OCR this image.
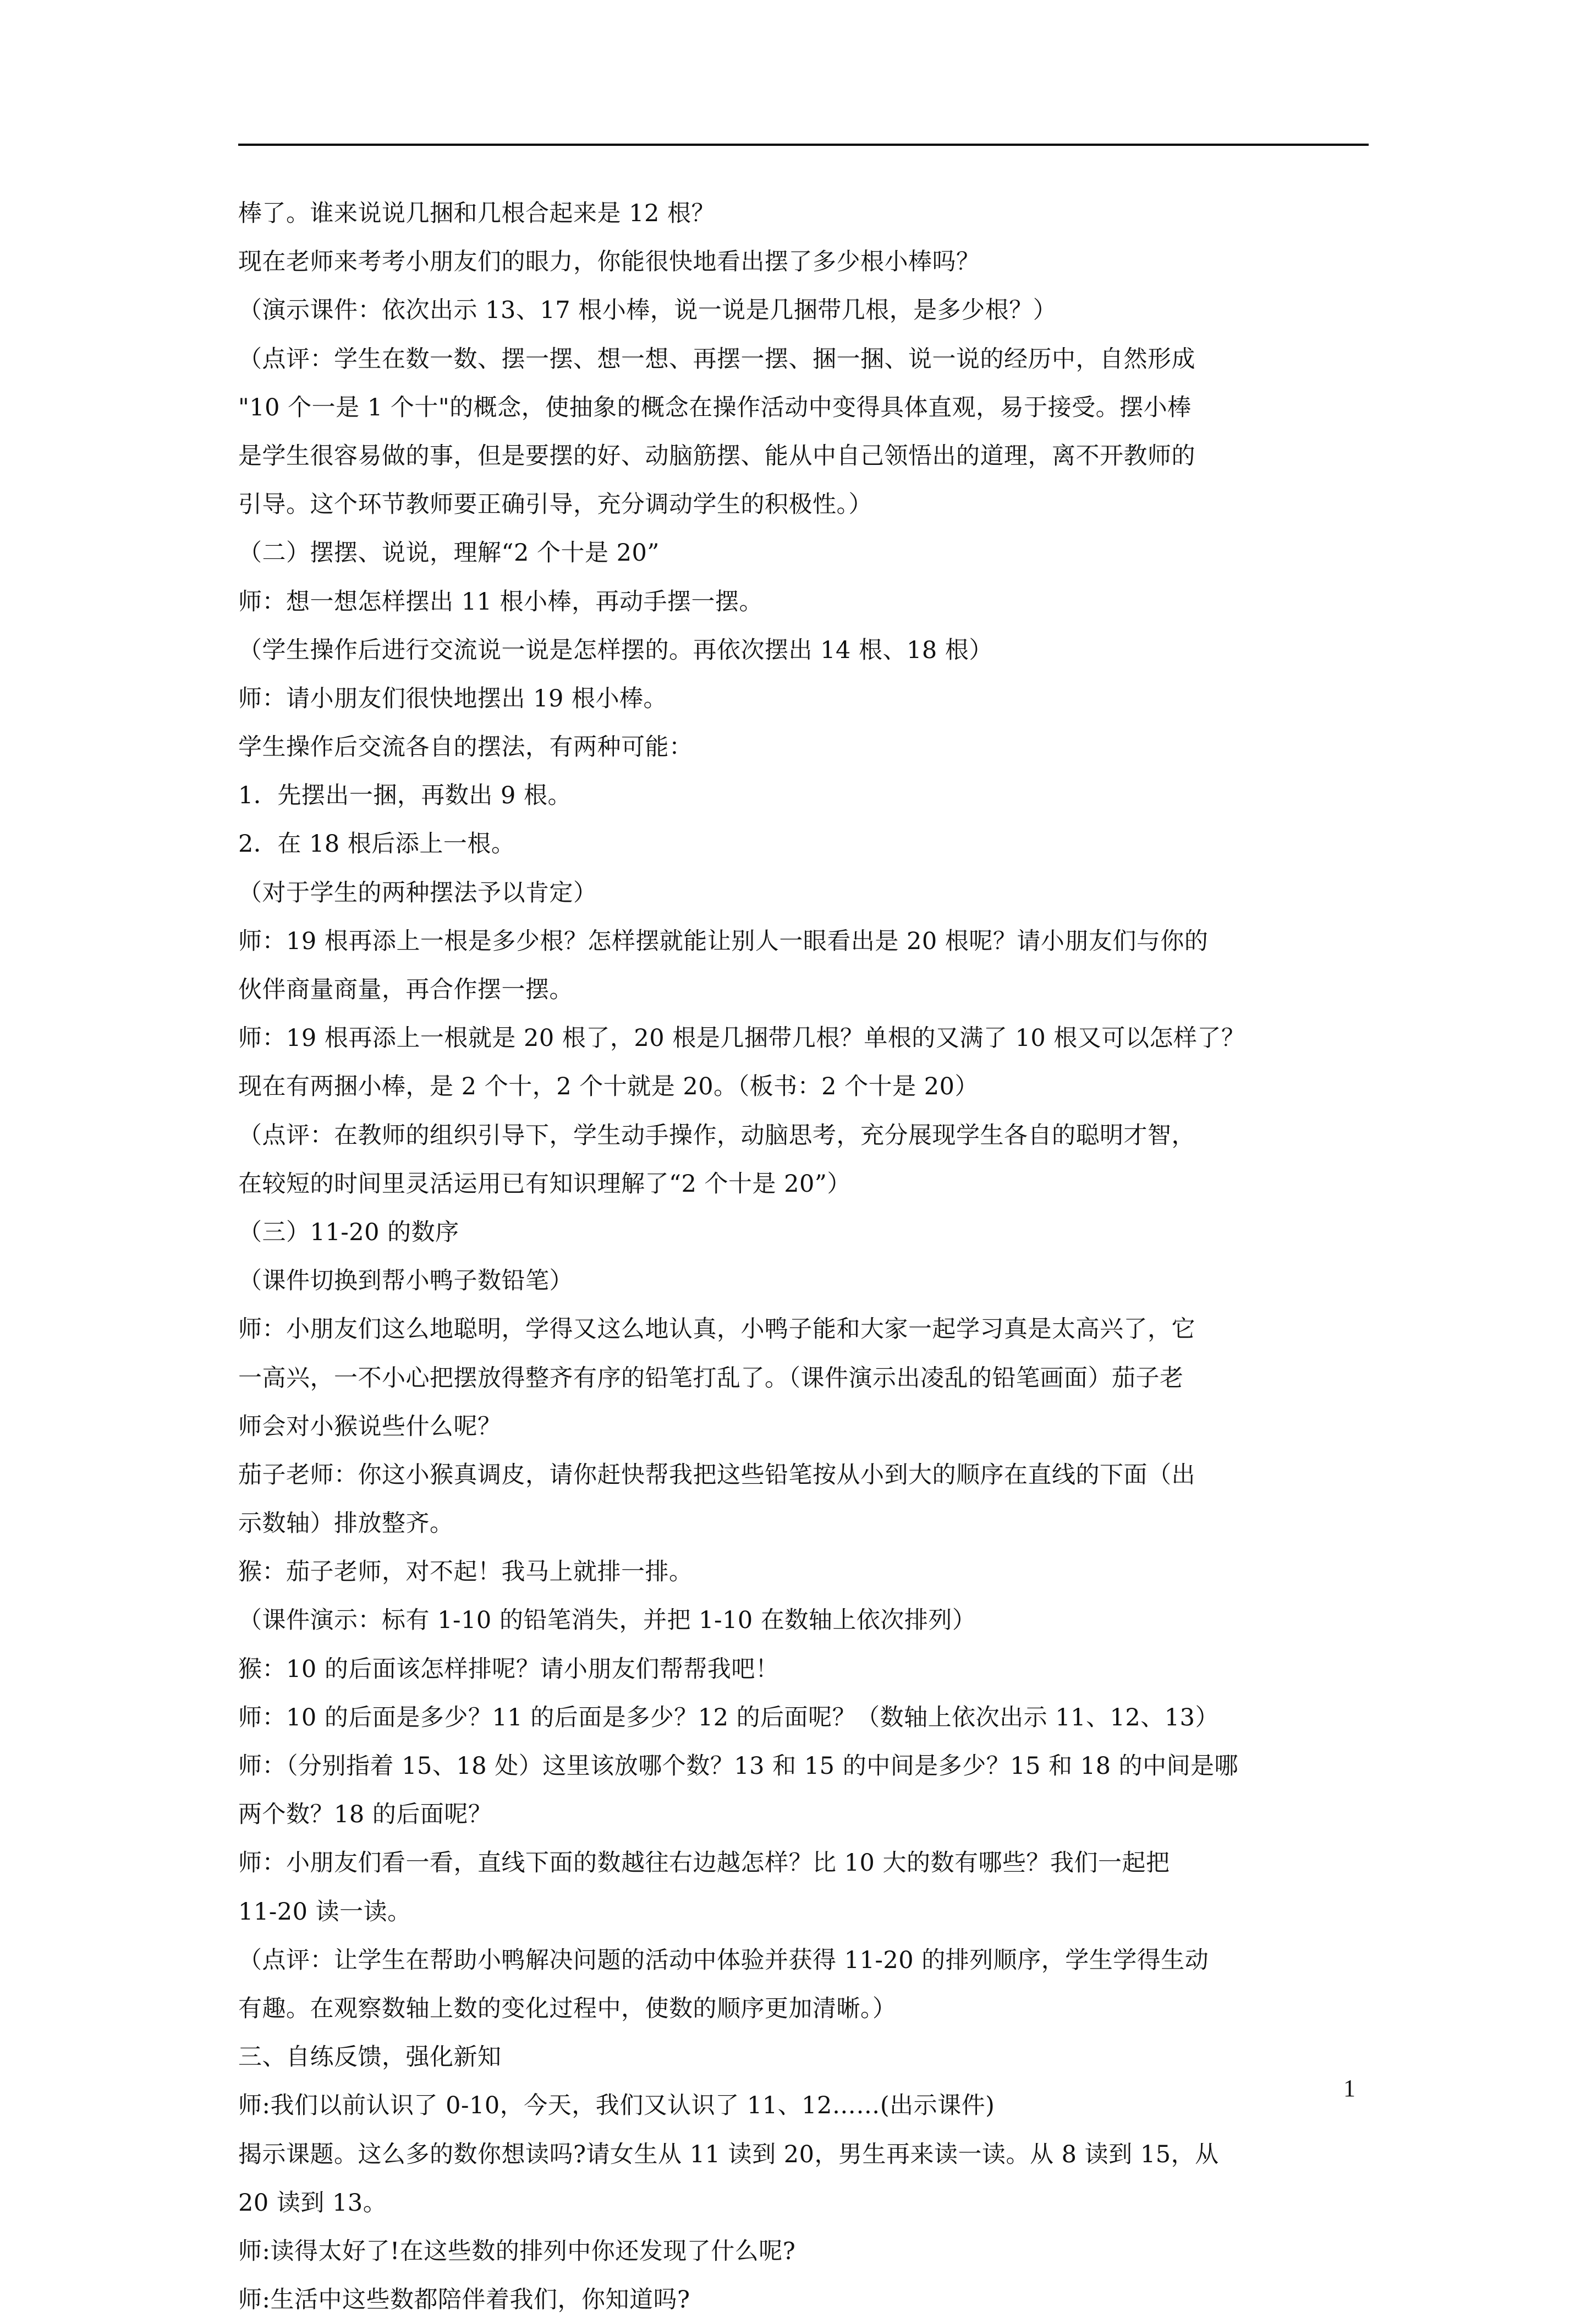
棒了。谁来说说几捆和几根合起来是 12 根？
现在老师来考考小朋友们的眼力，你能很快地看出摆了多少根小棒吗？
（演示课件：依次出示 13、17 根小棒，说一说是几捆带几根，是多少根？）
（点评：学生在数一数、摆一摆、想一想、再摆一摆、捆一捆、说一说的经历中，自然形成
"10 个一是 1 个十"的概念，使抽象的概念在操作活动中变得具体直观，易于接受。摆小棒
是学生很容易做的事，但是要摆的好、动脑筋摆、能从中自己领悟出的道理，离不开教师的
引导。这个环节教师要正确引导，充分调动学生的积极性。）
（二）摆摆、说说，理解“2 个十是 20”
师：想一想怎样摆出 11 根小棒，再动手摆一摆。
（学生操作后进行交流说一说是怎样摆的。再依次摆出 14 根、18 根）
师：请小朋友们很快地摆出 19 根小棒。
学生操作后交流各自的摆法，有两种可能：
1．先摆出一捆，再数出 9 根。
2．在 18 根后添上一根。
（对于学生的两种摆法予以肯定）
师：19 根再添上一根是多少根？怎样摆就能让别人一眼看出是 20 根呢？请小朋友们与你的
伙伴商量商量，再合作摆一摆。
师：19 根再添上一根就是 20 根了，20 根是几捆带几根？单根的又满了 10 根又可以怎样了？
现在有两捆小棒，是 2 个十，2 个十就是 20。（板书：2 个十是 20）
（点评：在教师的组织引导下，学生动手操作，动脑思考，充分展现学生各自的聪明才智，
在较短的时间里灵活运用已有知识理解了“2 个十是 20”）
（三）11-20 的数序
（课件切换到帮小鸭子数铅笔）
师：小朋友们这么地聪明，学得又这么地认真，小鸭子能和大家一起学习真是太高兴了，它
一高兴，一不小心把摆放得整齐有序的铅笔打乱了。（课件演示出凌乱的铅笔画面）茄子老
师会对小猴说些什么呢？
茄子老师：你这小猴真调皮，请你赶快帮我把这些铅笔按从小到大的顺序在直线的下面（出
示数轴）排放整齐。
猴：茄子老师，对不起！我马上就排一排。
（课件演示：标有 1-10 的铅笔消失，并把 1-10 在数轴上依次排列）
猴：10 的后面该怎样排呢？请小朋友们帮帮我吧！
师：10 的后面是多少？11 的后面是多少？12 的后面呢？（数轴上依次出示 11、12、13）
师：（分别指着 15、18 处）这里该放哪个数？13 和 15 的中间是多少？15 和 18 的中间是哪
两个数？18 的后面呢？
师：小朋友们看一看，直线下面的数越往右边越怎样？比 10 大的数有哪些？我们一起把
11-20 读一读。
（点评：让学生在帮助小鸭解决问题的活动中体验并获得 11-20 的排列顺序，学生学得生动
有趣。在观察数轴上数的变化过程中，使数的顺序更加清晰。）
三、自练反馈，强化新知
师:我们以前认识了 0-10，今天，我们又认识了 11、12……(出示课件)
揭示课题。这么多的数你想读吗?请女生从 11 读到 20，男生再来读一读。从 8 读到 15，从
20 读到 13。
师:读得太好了!在这些数的排列中你还发现了什么呢?
师:生活中这些数都陪伴着我们，你知道吗?
1
